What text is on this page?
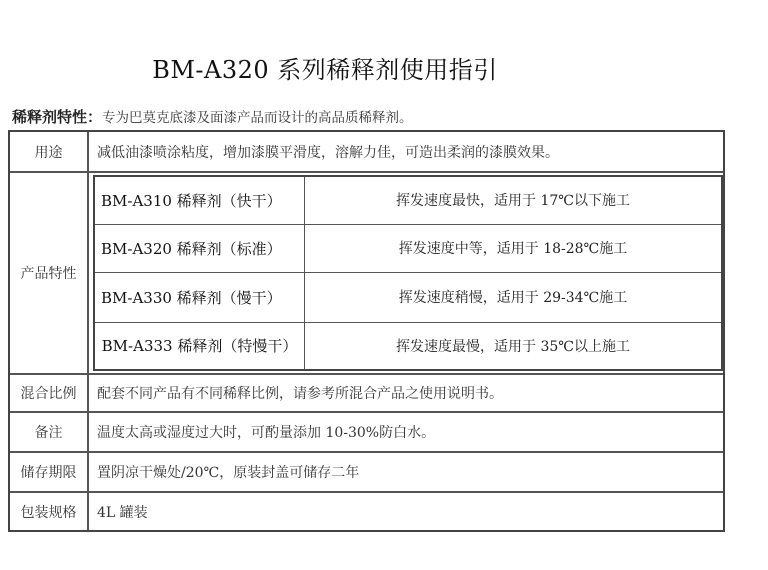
BM-A320 系列稀释剂使用指引
稀释剂特性：专为巴莫克底漆及面漆产品而设计的高品质稀释剂。
用途	减低油漆喷涂粘度，增加漆膜平滑度，溶解力佳，可造出柔润的漆膜效果。
产品特性
BM-A310 稀释剂（快干）	挥发速度最快，适用于 17℃以下施工
BM-A320 稀释剂（标准）	挥发速度中等，适用于 18-28℃施工
BM-A330 稀释剂（慢干）	挥发速度稍慢，适用于 29-34℃施工
BM-A333 稀释剂（特慢干）	挥发速度最慢，适用于 35℃以上施工
混合比例	配套不同产品有不同稀释比例，请参考所混合产品之使用说明书。
备注	温度太高或湿度过大时，可酌量添加 10-30%防白水。
储存期限	置阴凉干燥处/20℃，原装封盖可储存二年
包装规格	4L 罐装
